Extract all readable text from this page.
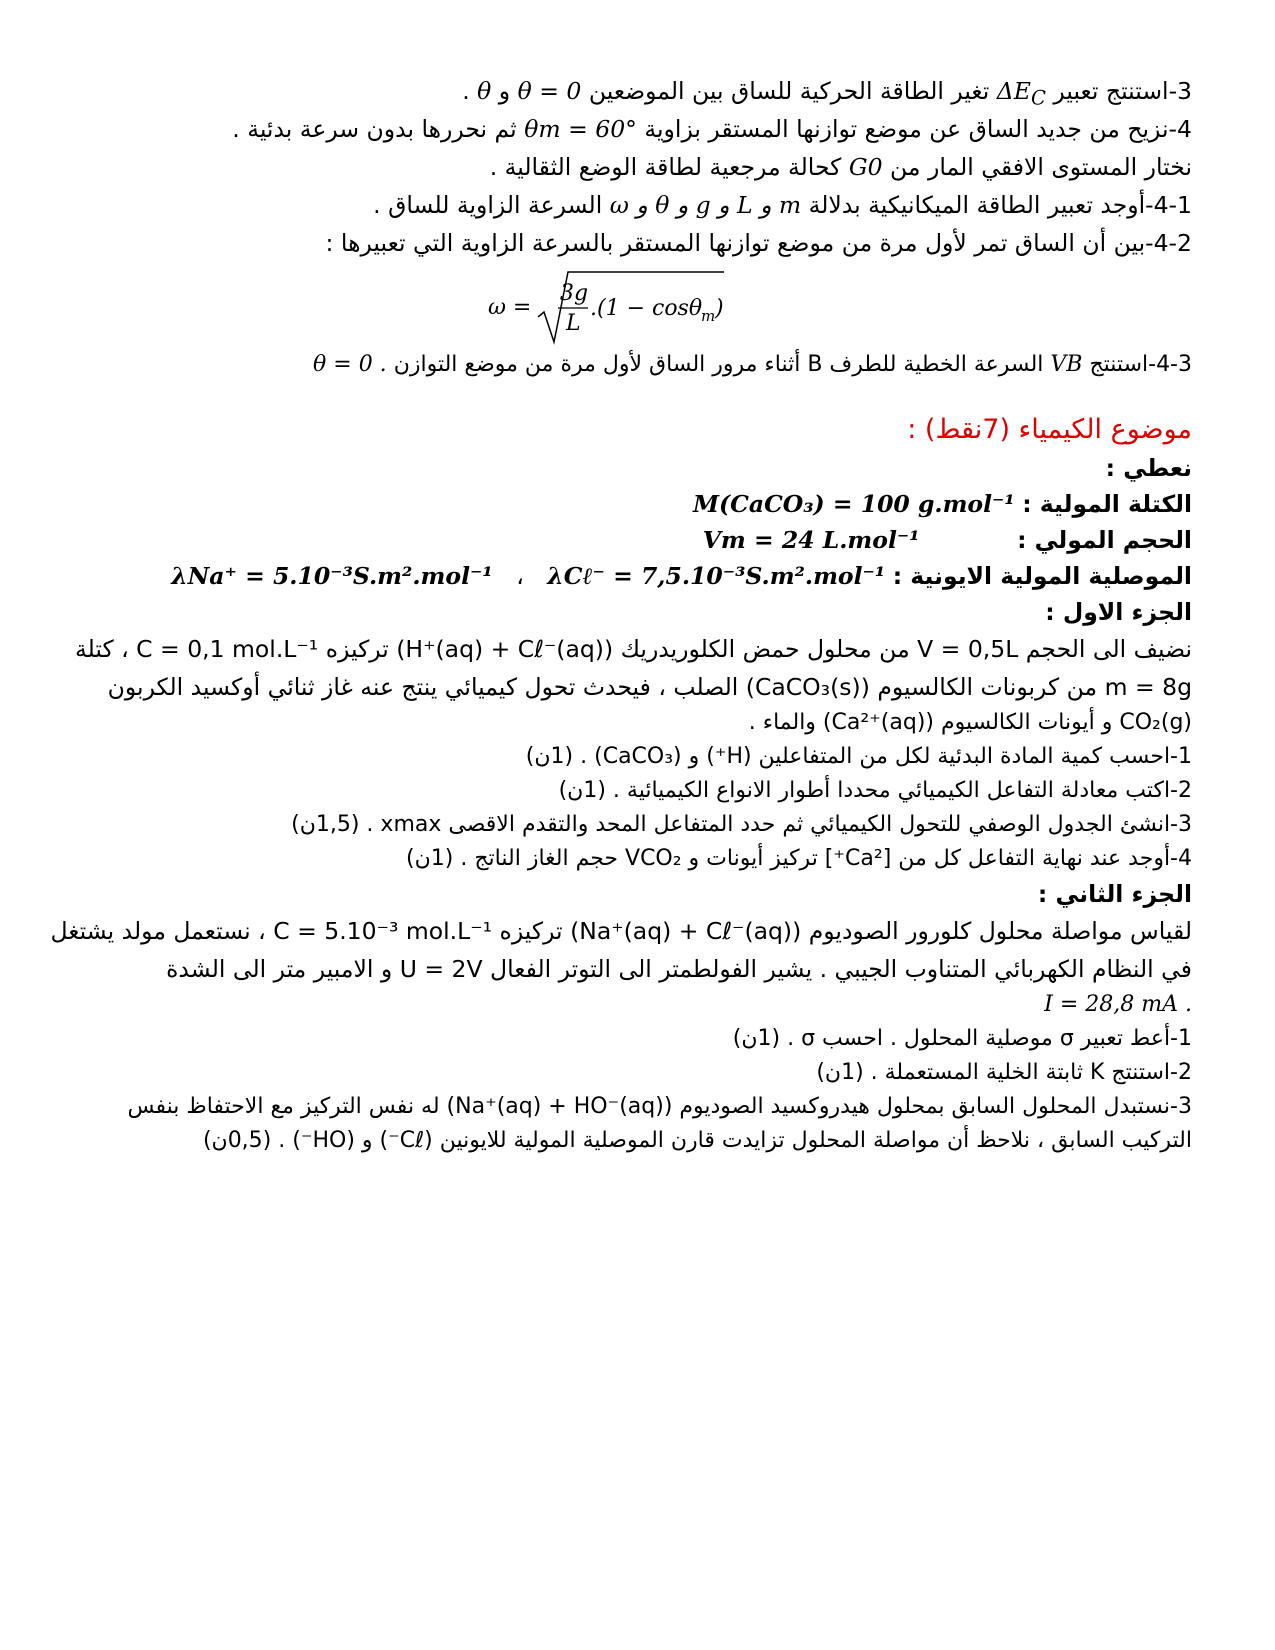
3-استنتج تعبير $\Delta E_C$ تغير الطاقة الحركية للساق بين الموضعين θ = 0 و θ .
4-نزيح من جديد الساق عن موضع توازنها المستقر بزاوية θm = 60° ثم نحررها بدون سرعة بدئية .
نختار المستوى الافقي المار من G0 كحالة مرجعية لطاقة الوضع الثقالية .
4-1-أوجد تعبير الطاقة الميكانيكية بدلالة m و L و g و θ و ω السرعة الزاوية للساق .
4-2-بين أن الساق تمر لأول مرة من موضع توازنها المستقر بالسرعة الزاوية التي تعبيرها :
ω =
3g
L
.(1 − cosθ
m )
4-3-استنتج VB السرعة الخطية للطرف B أثناء مرور الساق لأول مرة من موضع التوازن θ = 0 .
موضوع الكيمياء (7نقط) :
نعطي :
الكتلة المولية : M(CaCO₃) = 100 g.mol⁻¹
الحجم المولي : Vm = 24 L.mol⁻¹
الموصلية المولية الايونية : λCℓ⁻ = 7,5.10⁻³S.m².mol⁻¹ ، λNa⁺ = 5.10⁻³S.m².mol⁻¹
الجزء الاول :
نضيف الى الحجم V = 0,5L من محلول حمض الكلوريدريك (H⁺(aq) + Cℓ⁻(aq)) تركيزه C = 0,1 mol.L⁻¹ ، كتلة
m = 8g من كربونات الكالسيوم (CaCO₃(s)) الصلب ، فيحدث تحول كيميائي ينتج عنه غاز ثنائي أوكسيد الكربون
CO₂(g) و أيونات الكالسيوم (Ca²⁺(aq)) والماء .
1-احسب كمية المادة البدئية لكل من المتفاعلين (H⁺) و (CaCO₃) . (1ن)
2-اكتب معادلة التفاعل الكيميائي محددا أطوار الانواع الكيميائية . (1ن)
3-انشئ الجدول الوصفي للتحول الكيميائي ثم حدد المتفاعل المحد والتقدم الاقصى xmax . (1,5ن)
4-أوجد عند نهاية التفاعل كل من [Ca²⁺] تركيز أيونات و VCO₂ حجم الغاز الناتج . (1ن)
الجزء الثاني :
لقياس مواصلة محلول كلورور الصوديوم (Na⁺(aq) + Cℓ⁻(aq)) تركيزه C = 5.10⁻³ mol.L⁻¹ ، نستعمل مولد يشتغل
في النظام الكهربائي المتناوب الجيبي . يشير الفولطمتر الى التوتر الفعال U = 2V و الامبير متر الى الشدة
I = 28,8 mA .
1-أعط تعبير σ موصلية المحلول . احسب σ . (1ن)
2-استنتج K ثابتة الخلية المستعملة . (1ن)
3-نستبدل المحلول السابق بمحلول هيدروكسيد الصوديوم (Na⁺(aq) + HO⁻(aq)) له نفس التركيز مع الاحتفاظ بنفس
التركيب السابق ، نلاحظ أن مواصلة المحلول تزايدت قارن الموصلية المولية للايونين (Cℓ⁻) و (HO⁻) . (0,5ن)
